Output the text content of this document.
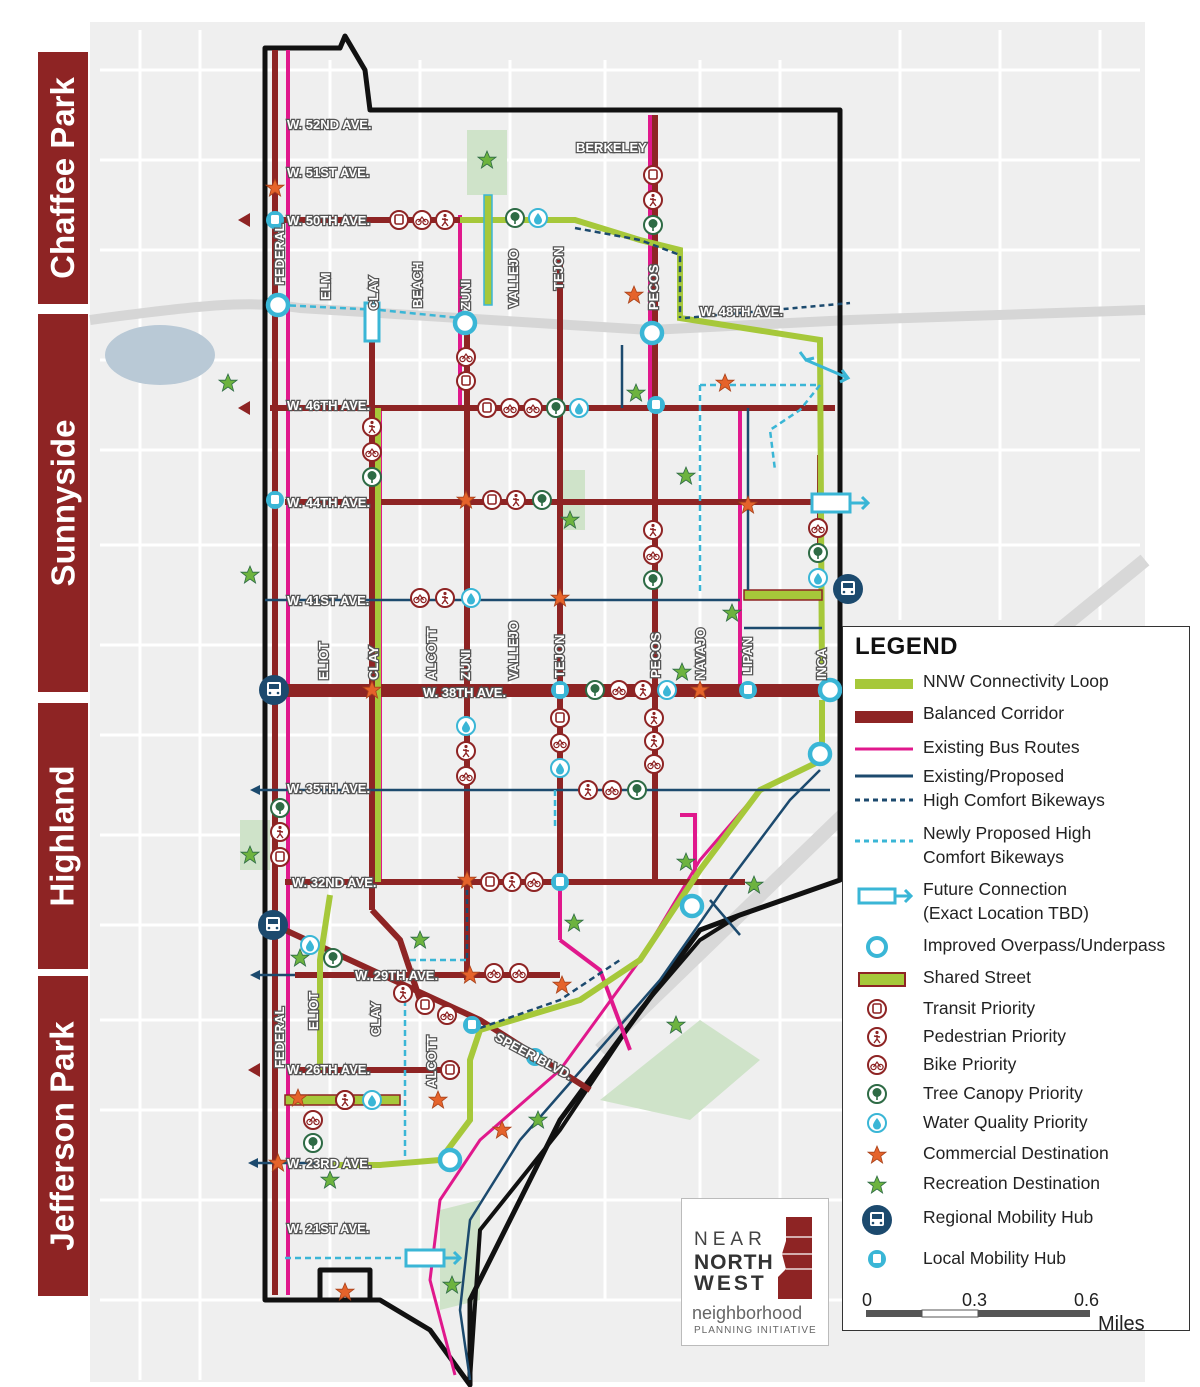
W. 52ND AVE.
W. 51ST AVE.
W. 50TH AVE.
W. 48TH AVE.
W. 46TH AVE.
W. 44TH AVE.
W. 41ST AVE.
W. 38TH AVE.
W. 35TH AVE.
W. 32ND AVE.
W. 29TH AVE.
W. 26TH AVE.
W. 23RD AVE.
W. 21ST AVE.
FEDERAL
ELM	CLAY BEACH	ZUNI	VALLEJO TEJON	PECOS
ELIOT	CLAY	ALCOTT ZUNI	VALLEJO TEJON	PECOS NAVAJO LIPAN	INCA
FEDERAL ELIOT	CLAY
ALCOTT
BERKELEY
SPEER BLVD.
Chaffee Park
Sunnyside
Highland
Jefferson Park
LEGEND
NNW Connectivity Loop
Balanced Corridor
Existing Bus Routes
Existing/Proposed
High Comfort Bikeways
Newly Proposed High
Comfort Bikeways
Future Connection
(Exact Location TBD)
Improved Overpass/Underpass
Shared Street
Transit Priority
Pedestrian Priority
Bike Priority
Tree Canopy Priority
Water Quality Priority
Commercial Destination
Recreation Destination
Regional Mobility Hub
Local Mobility Hub
0	0.3	0.6
Miles
NEAR
NORTH
WEST
neighborhood
PLANNING INITIATIVE
